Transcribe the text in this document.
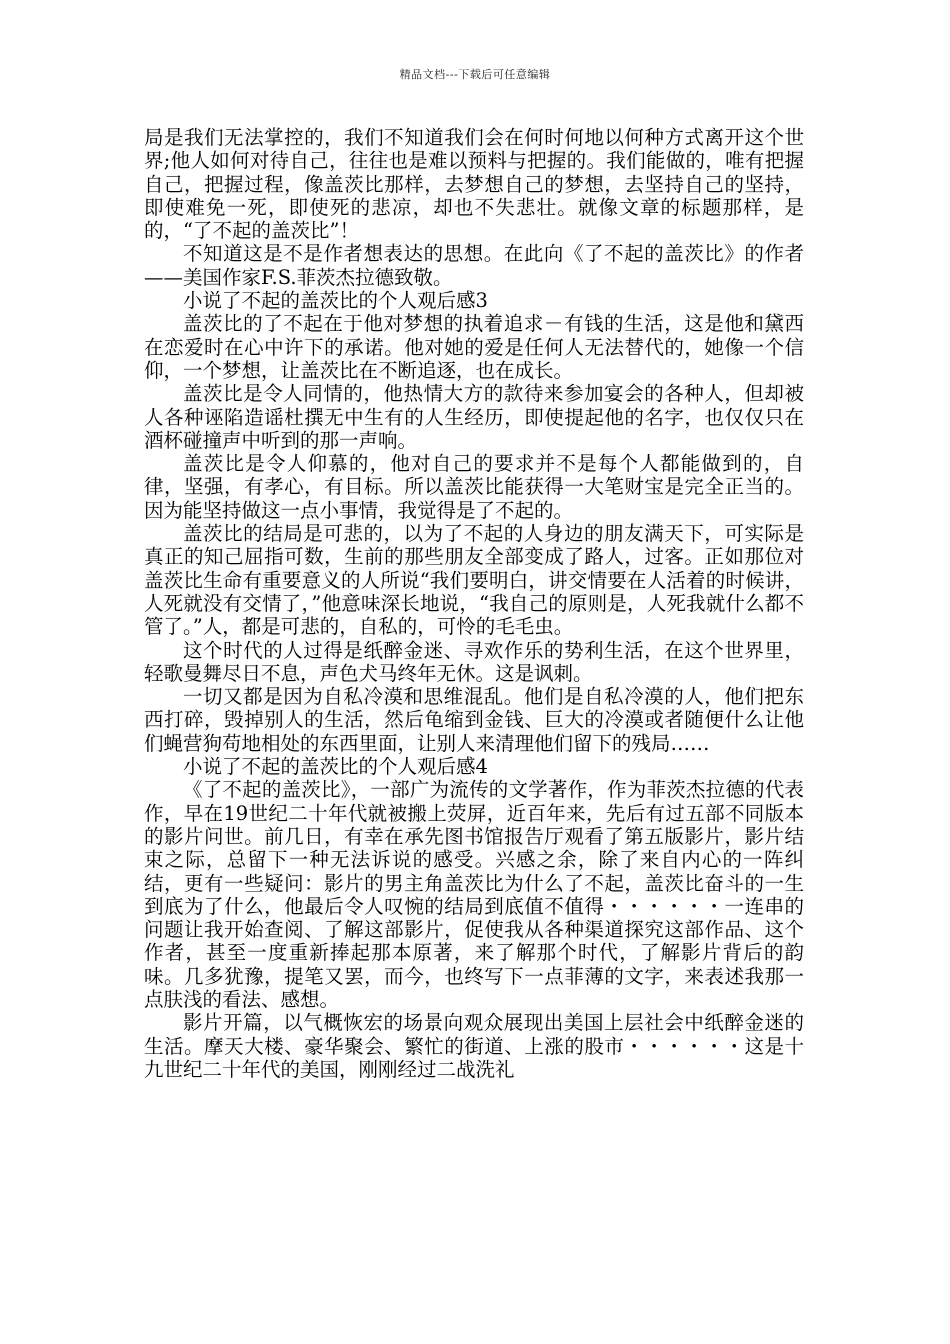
精品文档---下载后可任意编辑

局是我们无法掌控的，我们不知道我们会在何时何地以何种方式离开这个世界;他人如何对待自己，往往也是难以预料与把握的。我们能做的，唯有把握自己，把握过程，像盖茨比那样，去梦想自己的梦想，去坚持自己的坚持，即使难免一死，即使死的悲凉，却也不失悲壮。就像文章的标题那样，是的，“了不起的盖茨比”！

不知道这是不是作者想表达的思想。在此向《了不起的盖茨比》的作者——美国作家F.S.菲茨杰拉德致敬。

小说了不起的盖茨比的个人观后感3

盖茨比的了不起在于他对梦想的执着追求－有钱的生活，这是他和黛西在恋爱时在心中许下的承诺。他对她的爱是任何人无法替代的，她像一个信仰，一个梦想，让盖茨比在不断追逐，也在成长。

盖茨比是令人同情的，他热情大方的款待来参加宴会的各种人，但却被人各种诬陷造谣杜撰无中生有的人生经历，即使提起他的名字，也仅仅只在酒杯碰撞声中听到的那一声响。

盖茨比是令人仰慕的，他对自己的要求并不是每个人都能做到的，自律，坚强，有孝心，有目标。所以盖茨比能获得一大笔财宝是完全正当的。因为能坚持做这一点小事情，我觉得是了不起的。

盖茨比的结局是可悲的，以为了不起的人身边的朋友满天下，可实际是真正的知己屈指可数，生前的那些朋友全部变成了路人，过客。正如那位对盖茨比生命有重要意义的人所说“我们要明白，讲交情要在人活着的时候讲，人死就没有交情了，”他意味深长地说，“我自己的原则是，人死我就什么都不管了。”人，都是可悲的，自私的，可怜的毛毛虫。

这个时代的人过得是纸醉金迷、寻欢作乐的势利生活，在这个世界里，轻歌曼舞尽日不息，声色犬马终年无休。这是讽刺。

一切又都是因为自私冷漠和思维混乱。他们是自私冷漠的人，他们把东西打碎，毁掉别人的生活，然后龟缩到金钱、巨大的冷漠或者随便什么让他们蝇营狗苟地相处的东西里面，让别人来清理他们留下的残局……

小说了不起的盖茨比的个人观后感4

《了不起的盖茨比》，一部广为流传的文学著作，作为菲茨杰拉德的代表作，早在19世纪二十年代就被搬上荧屏，近百年来，先后有过五部不同版本的影片问世。前几日，有幸在承先图书馆报告厅观看了第五版影片，影片结束之际，总留下一种无法诉说的感受。兴感之余，除了来自内心的一阵纠结，更有一些疑问：影片的男主角盖茨比为什么了不起，盖茨比奋斗的一生到底为了什么，他最后令人叹惋的结局到底值不值得・・・・・・一连串的问题让我开始查阅、了解这部影片，促使我从各种渠道探究这部作品、这个作者，甚至一度重新捧起那本原著，来了解那个时代，了解影片背后的韵味。几多犹豫，提笔又罢，而今，也终写下一点菲薄的文字，来表述我那一点肤浅的看法、感想。

影片开篇，以气概恢宏的场景向观众展现出美国上层社会中纸醉金迷的生活。摩天大楼、豪华聚会、繁忙的街道、上涨的股市・・・・・・这是十九世纪二十年代的美国，刚刚经过二战洗礼
